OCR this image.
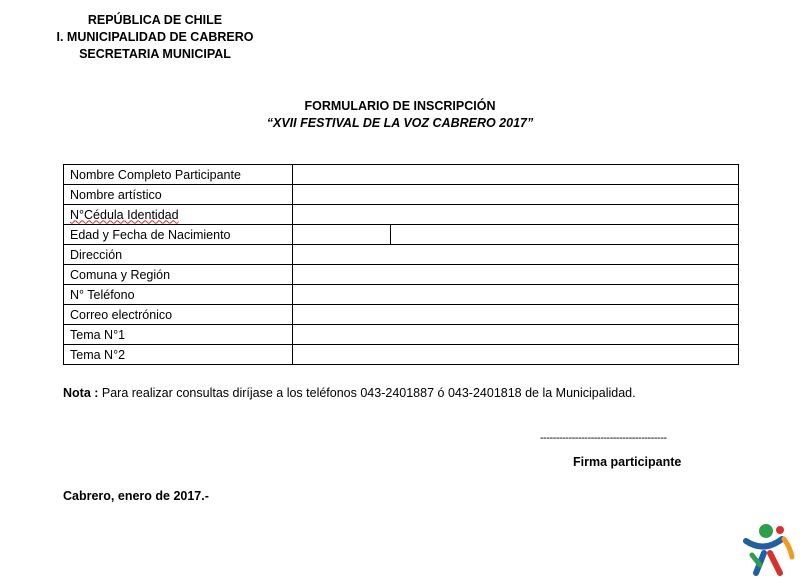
REPÚBLICA DE CHILE
I. MUNICIPALIDAD DE CABRERO
SECRETARIA MUNICIPAL
FORMULARIO DE INSCRIPCIÓN
“XVII FESTIVAL DE LA VOZ CABRERO 2017”
Nombre Completo Participante	
Nombre artístico	
N°Cédula Identidad	
Edad y Fecha de Nacimiento	

Dirección	
Comuna y Región	
N° Teléfono	
Correo electrónico	
Tema N°1	
Tema N°2	
Nota : Para realizar consultas diríjase a los teléfonos 043-2401887 ó 043-2401818 de la Municipalidad.
----------------------------------------
Firma participante
Cabrero, enero de 2017.-
